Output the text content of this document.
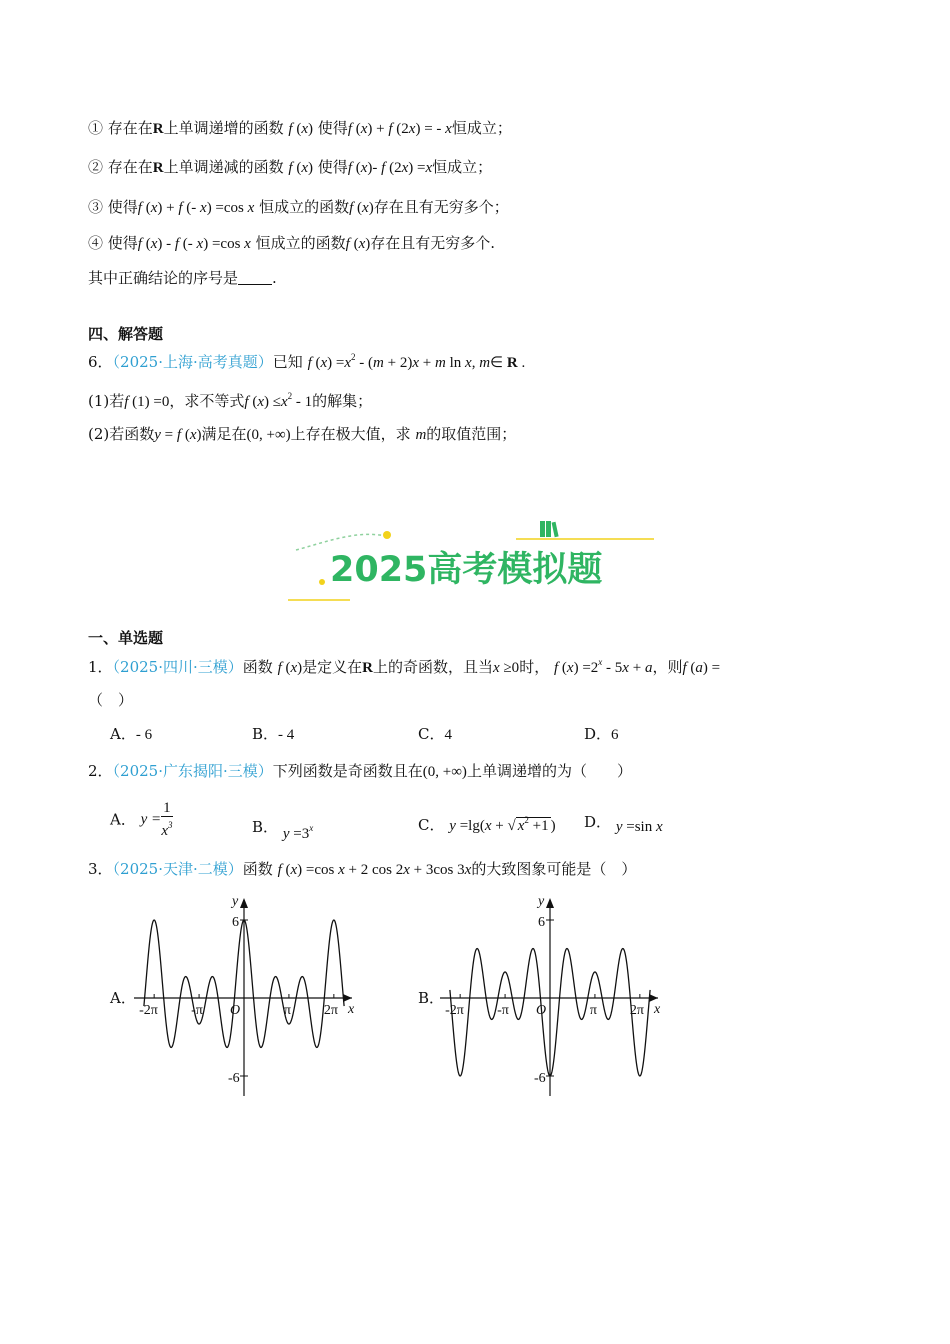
① 存在在R上单调递增的函数 f (x) 使得f (x) + f (2x) = - x恒成立；
② 存在在R上单调递减的函数 f (x) 使得f (x)- f (2x) =x恒成立；
③ 使得f (x) + f (- x) =cos x 恒成立的函数f (x)存在且有无穷多个；
④ 使得f (x) - f (- x) =cos x 恒成立的函数f (x)存在且有无穷多个.
其中正确结论的序号是 .
四、解答题
6．（2025·上海·高考真题）已知 f $(x) =x^2 - (m + 2)x + m$ ln x, m∈ R .
(1)若f (1) =0，求不等式f $(x) \le x^2 - 1$的解集；
(2)若函数y = f (x)满足在(0, +∞)上存在极大值，求 m的取值范围；
2025高考模拟题
一、单选题
1．（2025·四川·三模）函数 f (x)是定义在R上的奇函数，且当x ≥0时， f $(x) =2^x - 5x + a$，则f (a) =
（　）
A．- 6	B．- 4	C．4	D．6
2．（2025·广东揭阳·三模）下列函数是奇函数且在(0, +∞)上单调递增的为（　　）
A． $y = \frac{1}{x^3}$	B． $y =3^x$	C． y =lg(x + √ $x^2 +1$ ) D． y =sin x
3．（2025·天津·二模）函数 f (x) =cos x + 2 cos 2x + 3cos 3x的大致图象可能是（　）
A．
y
6
-6
x
-2π -π O	π 2π
B．
y
6
-6
x
-2π -π O	π 2π
